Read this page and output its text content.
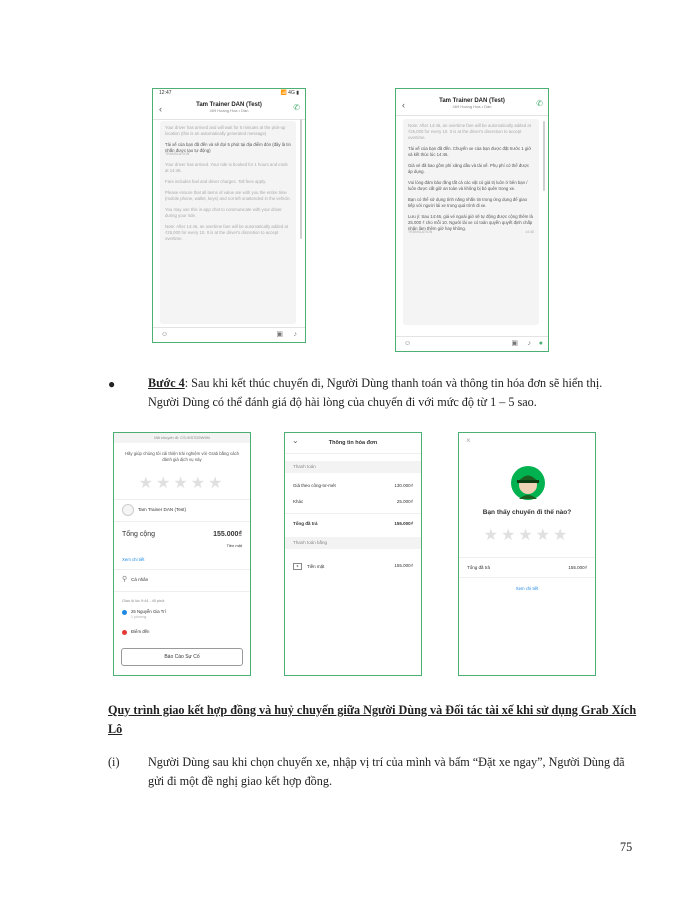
12:47	📶 4G ▮
‹	Tam Trainer DAN (Test)
469 Hoàng Hoa • Dân	✆

Your driver has arrived and will wait for 5 minutes at the pick-up location (this is an automatically generated message)

Tài xế của bạn đã đến và sẽ đợi 5 phút tại địa điểm đón (đây là tin nhắn được tạo tự động)
TRANSLATION

Your driver has arrived. Your ride is booked for 1 hours and ends at 14:46.

Fare includes fuel and driver charges. Toll fees apply.

Please ensure that all items of value are with you the entire time (mobile phone, wallet, keys) and not left unattended in the vehicle.

You may use this in-app chat to communicate with your driver during your ride.

Note: After 14:46, an overtime fare will be automatically added at ₫25,000 for every 10. It is at the driver's discretion to accept overtime.

☺	▣ ♪
‹	Tam Trainer DAN (Test)
469 Hoàng Hoa • Dân	✆

Note: After 14:46, an overtime fare will be automatically added at ₫25,000 for every 10. It is at the driver's discretion to accept overtime.

Tài xế của bạn đã đến. Chuyến xe của bạn được đặt trước 1 giờ và kết thúc lúc 14:46.

Giá vé đã bao gồm phí xăng dầu và tài xế. Phụ phí có thể được áp dụng.

Vui lòng đảm bảo rằng tất cả các vật có giá trị luôn ở bên bạn / luôn được cất giữ an toàn và không bị bỏ quên trong xe.

Bạn có thể sử dụng tính năng nhắn tin trong ứng dụng để giao tiếp với người lái xe trong quá trình đi xe.

Lưu ý: Sau 14:46, giá vé ngoài giờ sẽ tự động được cộng thêm là 25.000 ₫ cho mỗi 10. Người lái xe có toàn quyền quyết định chấp nhận làm thêm giờ hay không.
TRANSLATION	14:46

☺	▣ ♪ ●
●	Bước 4: Sau khi kết thúc chuyến đi, Người Dùng thanh toán và thông tin hóa đơn sẽ hiển thị. Người Dùng có thể đánh giá độ hài lòng của chuyến đi với mức độ từ 1 – 5 sao.
Mã chuyến đi: CS-9IS7D9W9M
Hãy giúp chúng tôi cải thiện trải nghiệm với Grab bằng cách đánh giá dịch vụ này
★★★★★
Tam Trainer DAN (Test)
Tổng cộng	155.000₫
Tiền mặt
Xem chi tiết
⚲ Cá nhân
Giao lộ lúc 9:44 - 40 phút
25 Nguyễn Gia Trí
1 phường
Điểm đến
Báo Cáo Sự Cố
⌄	Thông tin hóa đơn
Thanh toán
Giá theo công-tơ-mét	130.000₫
Khác	25.000₫
Tổng đã trả	155.000₫
Thanh toán bằng
$	Tiền mặt	155.000₫
×
Bạn thấy chuyến đi thế nào?
★★★★★
Tổng đã trả	155.000₫
Xem chi tiết
Quy trình giao kết hợp đồng và huỷ chuyến giữa Người Dùng và Đối tác tài xế khi sử dụng Grab Xích Lô
(i) Người Dùng sau khi chọn chuyến xe, nhập vị trí của mình và bấm “Đặt xe ngay”, Người Dùng đã gửi đi một đề nghị giao kết hợp đồng.
75
